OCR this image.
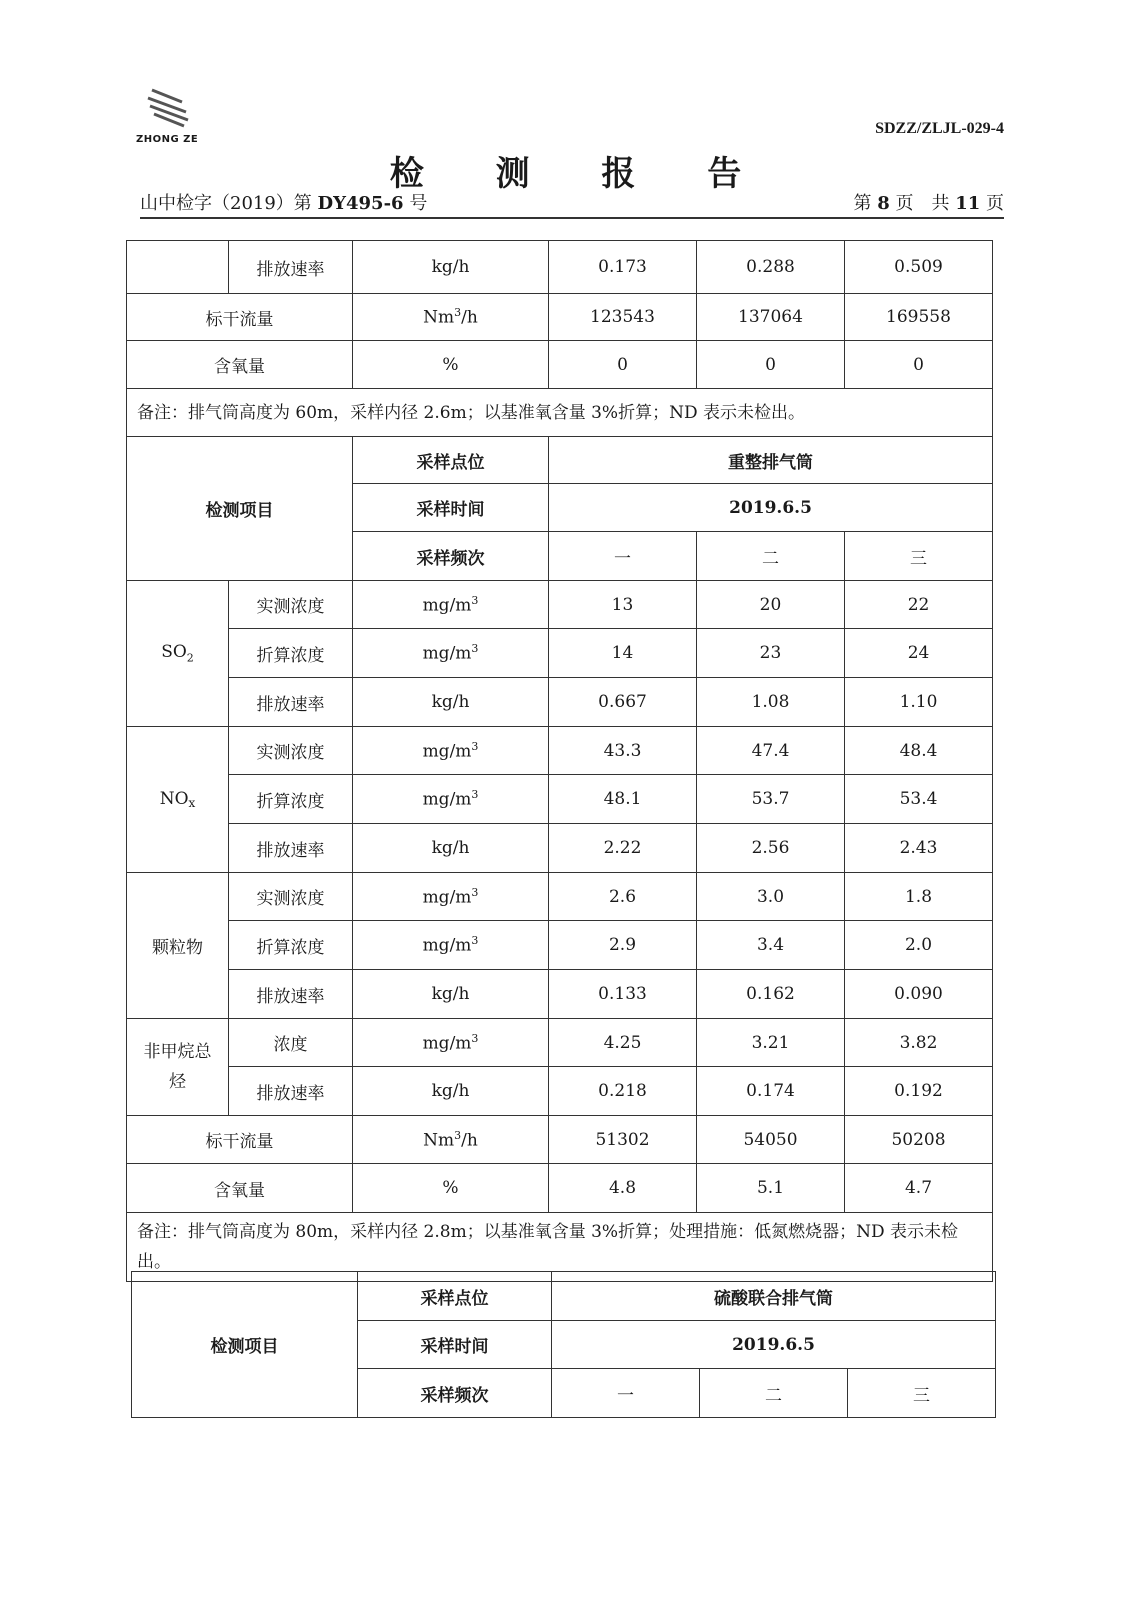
ZHONG ZE
SDZZ/ZLJL-029-4
检 测 报 告
山中检字（2019）第 DY495-6 号	第 8 页　共 11 页
	排放速率	kg/h	0.173	0.288	0.509
标干流量		Nm$^3$/h	123543	137064	169558
含氧量		%	0	0	0
备注：排气筒高度为 60m，采样内径 2.6m；以基准氧含量 3%折算；ND 表示未检出。					
检测项目		采样点位	重整排气筒		
		采样时间	2019.6.5		
		采样频次	一	二	三
$SO_2$	实测浓度	$mg/m^3$	13	20	22
	折算浓度	$mg/m^3$	14	23	24
	排放速率	kg/h	0.667	1.08	1.10
NOx	实测浓度	$mg/m^3$	43.3	47.4	48.4
	折算浓度	$mg/m^3$	48.1	53.7	53.4
	排放速率	kg/h	2.22	2.56	2.43
颗粒物	实测浓度	$mg/m^3$	2.6	3.0	1.8
	折算浓度	$mg/m^3$	2.9	3.4	2.0
	排放速率	kg/h	0.133	0.162	0.090
非甲烷总烃	浓度	$mg/m^3$	4.25	3.21	3.82
	排放速率	kg/h	0.218	0.174	0.192
标干流量		Nm$^3$/h	51302	54050	50208
含氧量		%	4.8	5.1	4.7
备注：排气筒高度为 80m，采样内径 2.8m；以基准氧含量 3%折算；处理措施：低氮燃烧器；ND 表示未检出。					
检测项目	采样点位	硫酸联合排气筒		
	采样时间	2019.6.5		
	采样频次	一	二	三
